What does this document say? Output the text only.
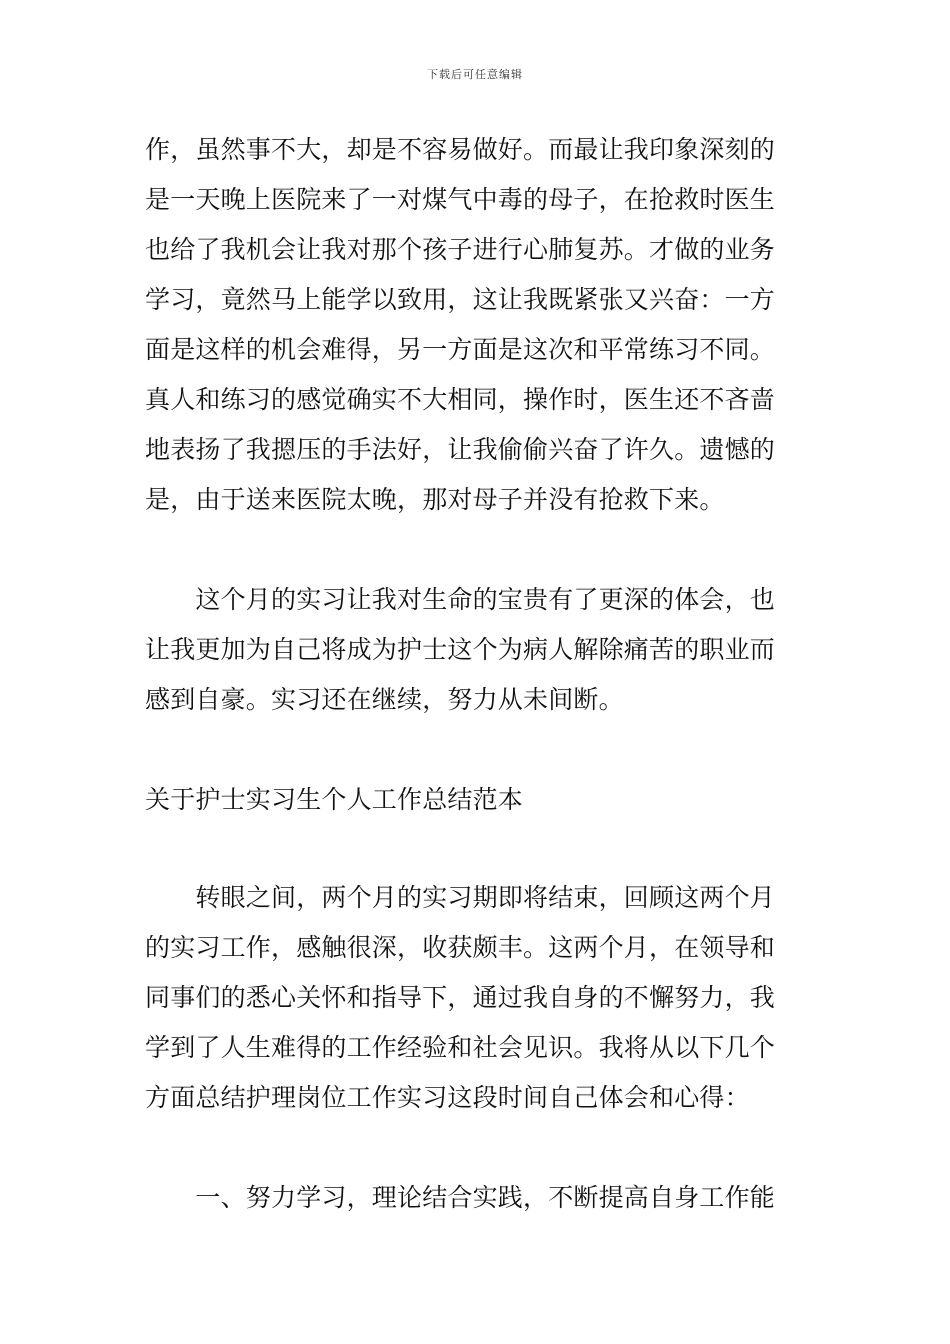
下载后可任意编辑
作，虽然事不大，却是不容易做好。而最让我印象深刻的
是一天晚上医院来了一对煤气中毒的母子，在抢救时医生
也给了我机会让我对那个孩子进行心肺复苏。才做的业务
学习，竟然马上能学以致用，这让我既紧张又兴奋：一方
面是这样的机会难得，另一方面是这次和平常练习不同。
真人和练习的感觉确实不大相同，操作时，医生还不吝啬
地表扬了我摁压的手法好，让我偷偷兴奋了许久。遗憾的
是，由于送来医院太晚，那对母子并没有抢救下来。
　　这个月的实习让我对生命的宝贵有了更深的体会，也
让我更加为自己将成为护士这个为病人解除痛苦的职业而
感到自豪。实习还在继续，努力从未间断。
关于护士实习生个人工作总结范本
　　转眼之间，两个月的实习期即将结束，回顾这两个月
的实习工作，感触很深，收获颇丰。这两个月，在领导和
同事们的悉心关怀和指导下，通过我自身的不懈努力，我
学到了人生难得的工作经验和社会见识。我将从以下几个
方面总结护理岗位工作实习这段时间自己体会和心得：
　　一、努力学习，理论结合实践，不断提高自身工作能
